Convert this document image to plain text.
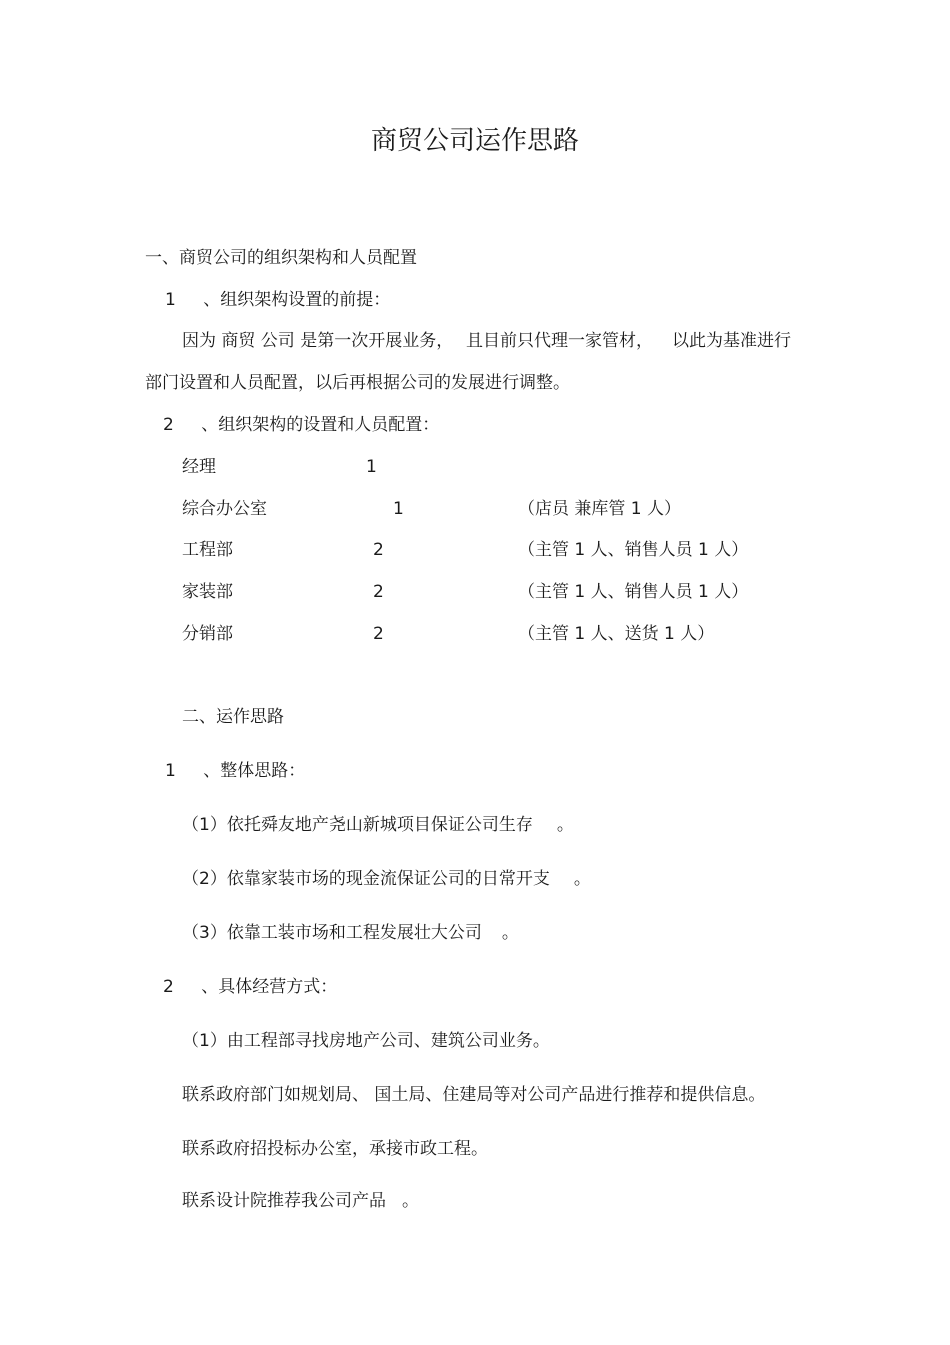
商贸公司运作思路
一、商贸公司的组织架构和人员配置
1 、组织架构设置的前提：
因为 商贸 公司 是第一次开展业务， 且目前只代理一家管材， 以此为基准进行
部门设置和人员配置，以后再根据公司的发展进行调整。
2 、组织架构的设置和人员配置：
经理	1
综合办公室	1	（店员 兼库管 1 人）
工程部	2	（主管 1 人、销售人员 1 人）
家装部	2	（主管 1 人、销售人员 1 人）
分销部	2	（主管 1 人、送货 1 人）
二、运作思路
1 、整体思路：
（1）依托舜友地产尧山新城项目保证公司生存 。
（2）依靠家装市场的现金流保证公司的日常开支 。
（3）依靠工装市场和工程发展壮大公司 。
2 、具体经营方式：
（1）由工程部寻找房地产公司、建筑公司业务。
联系政府部门如规划局、 国土局、住建局等对公司产品进行推荐和提供信息。
联系政府招投标办公室，承接市政工程。
联系设计院推荐我公司产品 。
